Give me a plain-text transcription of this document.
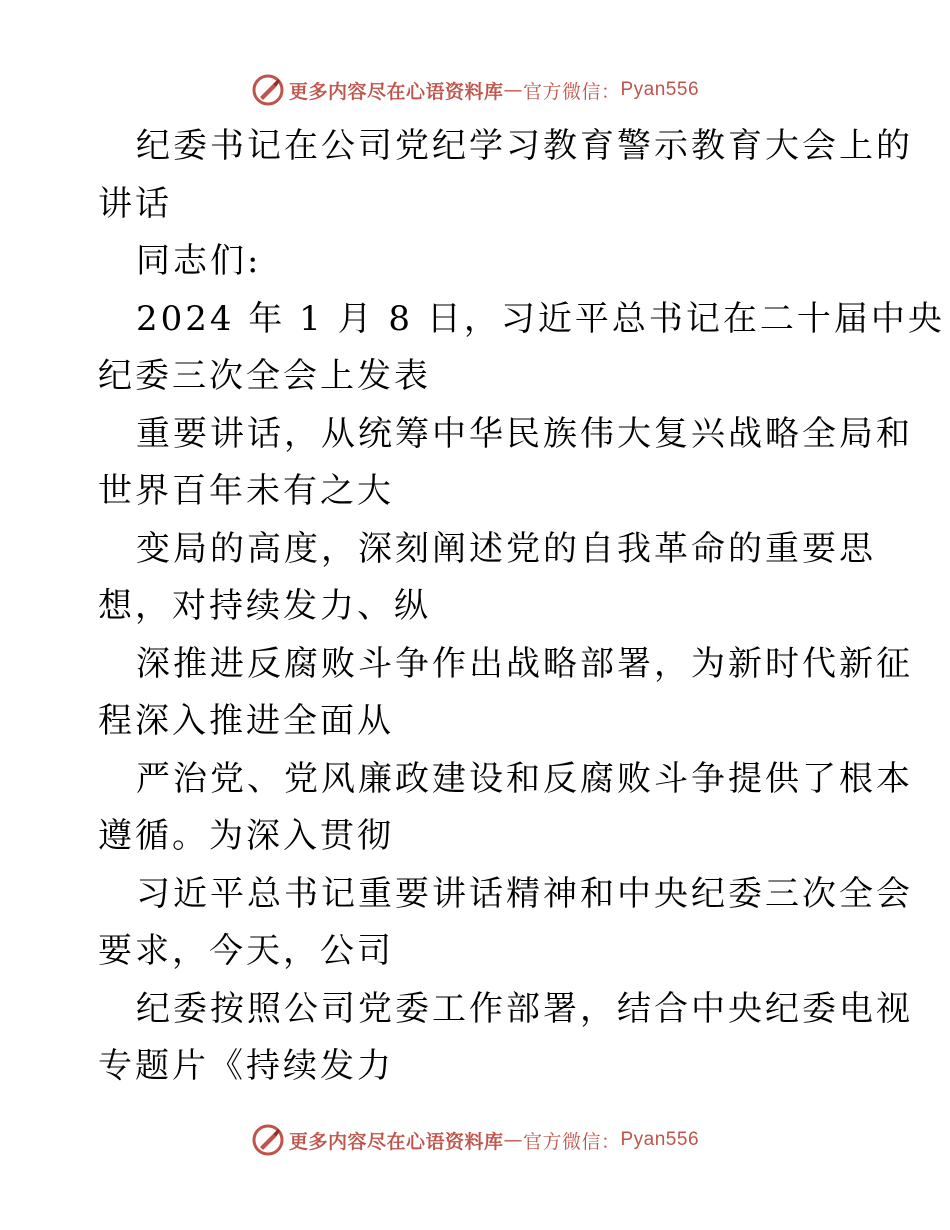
更多内容尽在心语资料库 — 官方微信： Pyan556
纪委书记在公司党纪学习教育警示教育大会上的
讲话
同志们:
2024 年 1 月 8 日，习近平总书记在二十届中央
纪委三次全会上发表
重要讲话，从统筹中华民族伟大复兴战略全局和
世界百年未有之大
变局的高度，深刻阐述党的自我革命的重要思
想，对持续发力、纵
深推进反腐败斗争作出战略部署，为新时代新征
程深入推进全面从
严治党、党风廉政建设和反腐败斗争提供了根本
遵循。为深入贯彻
习近平总书记重要讲话精神和中央纪委三次全会
要求，今天，公司
纪委按照公司党委工作部署，结合中央纪委电视
专题片《持续发力
更多内容尽在心语资料库 — 官方微信： Pyan556
